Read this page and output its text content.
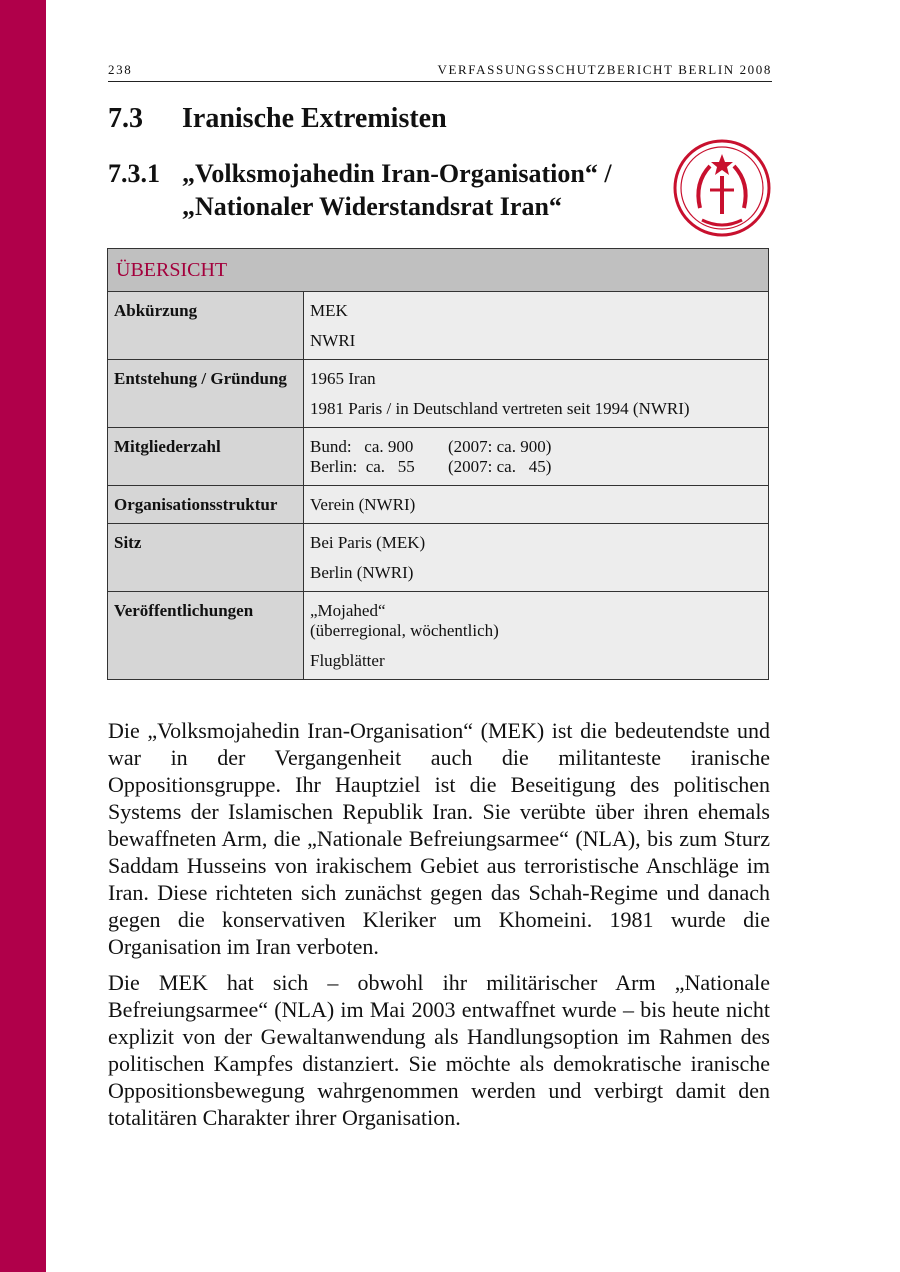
238	VERFASSUNGSSCHUTZBERICHT BERLIN 2008
7.3	Iranische Extremisten
7.3.1 „Volksmojahedin Iran-Organisation“ /
„Nationaler Widerstandsrat Iran“
ÜBERSICHT	
Abkürzung	MEK
NWRI

Entstehung / Gründung	1965 Iran
1981 Paris / in Deutschland vertreten seit 1994 (NWRI)

Mitgliederzahl	Bund:   ca. 900 (2007: ca. 900)
Berlin:  ca.   55 (2007: ca.   45)

Organisationsstruktur	Verein (NWRI)

Sitz	Bei Paris (MEK)
Berlin (NWRI)

Veröffentlichungen	„Mojahed“
(überregional, wöchentlich)
Flugblätter

Die „Volksmojahedin Iran-Organisation“ (MEK) ist die bedeutendste und war in der Vergangenheit auch die militanteste iranische Oppositionsgruppe. Ihr Hauptziel ist die Beseitigung des politischen Systems der Islamischen Republik Iran. Sie verübte über ihren ehemals bewaffneten Arm, die „Nationale Befreiungsarmee“ (NLA), bis zum Sturz Saddam Husseins von irakischem Gebiet aus terroristische Anschläge im Iran. Diese richteten sich zunächst gegen das Schah-Regime und danach gegen die konservativen Kleriker um Khomeini. 1981 wurde die Organisation im Iran verboten.

Die MEK hat sich – obwohl ihr militärischer Arm „Nationale Befreiungsarmee“ (NLA) im Mai 2003 entwaffnet wurde – bis heute nicht explizit von der Gewaltanwendung als Handlungsoption im Rahmen des politischen Kampfes distanziert. Sie möchte als demokratische iranische Oppositionsbewegung wahrgenommen werden und verbirgt damit den totalitären Charakter ihrer Organisation.
